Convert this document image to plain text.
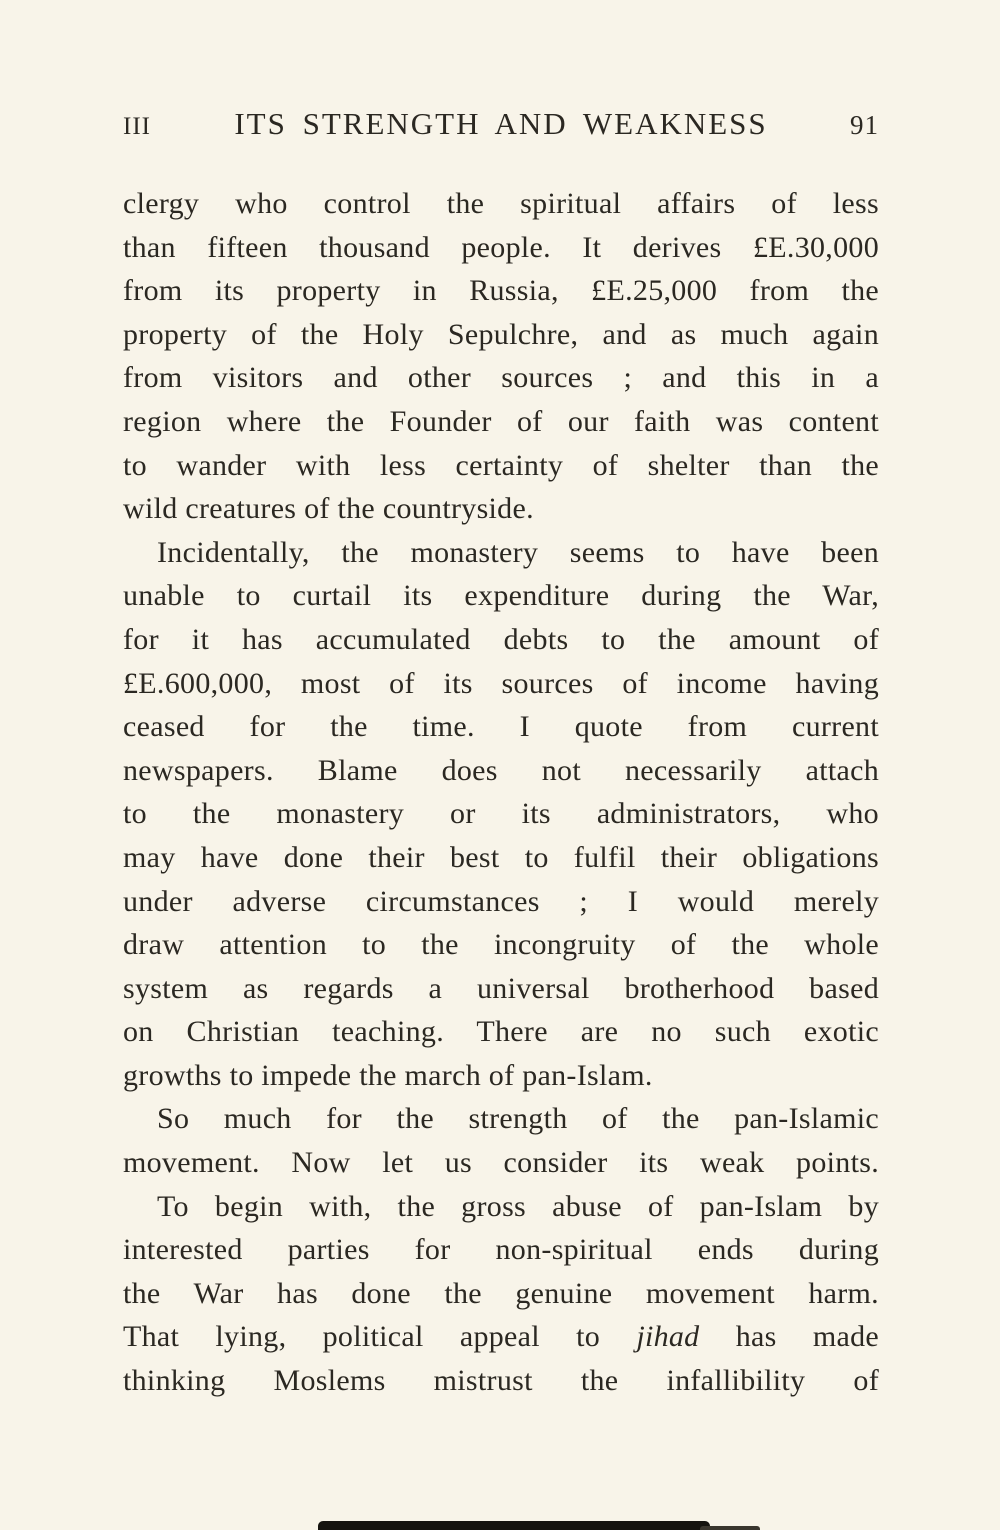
III	ITS STRENGTH AND WEAKNESS	91
clergy who control the spiritual affairs of less
than fifteen thousand people. It derives £E.30,000
from its property in Russia, £E.25,000 from the
property of the Holy Sepulchre, and as much again
from visitors and other sources ; and this in a
region where the Founder of our faith was content
to wander with less certainty of shelter than the
wild creatures of the countryside.
Incidentally, the monastery seems to have been
unable to curtail its expenditure during the War,
for it has accumulated debts to the amount of
£E.600,000, most of its sources of income having
ceased for the time. I quote from current
newspapers. Blame does not necessarily attach
to the monastery or its administrators, who
may have done their best to fulfil their obligations
under adverse circumstances ; I would merely
draw attention to the incongruity of the whole
system as regards a universal brotherhood based
on Christian teaching. There are no such exotic
growths to impede the march of pan-Islam.
So much for the strength of the pan-Islamic
movement. Now let us consider its weak points.
To begin with, the gross abuse of pan-Islam by
interested parties for non-spiritual ends during
the War has done the genuine movement harm.
That lying, political appeal to jihad has made
thinking Moslems mistrust the infallibility of
